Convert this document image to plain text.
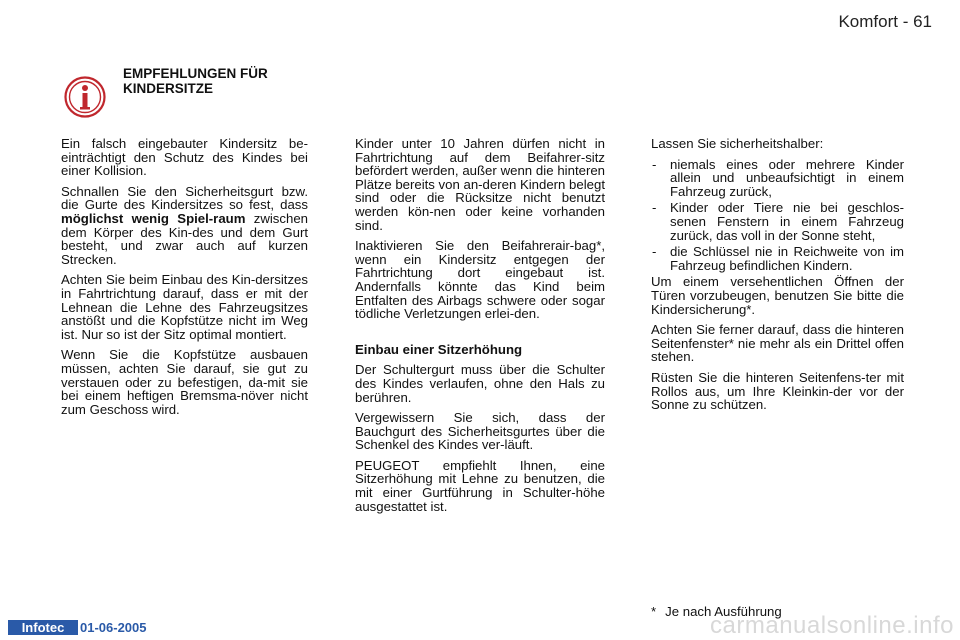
Komfort - 61
EMPFEHLUNGEN FÜR KINDERSITZE

Ein falsch eingebauter Kindersitz be-einträchtigt den Schutz des Kindes bei einer Kollision.

Schnallen Sie den Sicherheitsgurt bzw. die Gurte des Kindersitzes so fest, dass möglichst wenig Spiel-raum zwischen dem Körper des Kin-des und dem Gurt besteht, und zwar auch auf kurzen Strecken.

Achten Sie beim Einbau des Kin-dersitzes in Fahrtrichtung darauf, dass er mit der Lehnean die Lehne des Fahrzeugsitzes anstößt und die Kopfstütze nicht im Weg ist. Nur so ist der Sitz optimal montiert.

Wenn Sie die Kopfstütze ausbauen müssen, achten Sie darauf, sie gut zu verstauen oder zu befestigen, da-mit sie bei einem heftigen Bremsma-növer nicht zum Geschoss wird.

Kinder unter 10 Jahren dürfen nicht in Fahrtrichtung auf dem Beifahrer-sitz befördert werden, außer wenn die hinteren Plätze bereits von an-deren Kindern belegt sind oder die Rücksitze nicht benutzt werden kön-nen oder keine vorhanden sind.

Inaktivieren Sie den Beifahrerair-bag*, wenn ein Kindersitz entgegen der Fahrtrichtung dort eingebaut ist. Andernfalls könnte das Kind beim Entfalten des Airbags schwere oder sogar tödliche Verletzungen erlei-den.

Einbau einer Sitzerhöhung

Der Schultergurt muss über die Schulter des Kindes verlaufen, ohne den Hals zu berühren.

Vergewissern Sie sich, dass der Bauchgurt des Sicherheitsgurtes über die Schenkel des Kindes ver-läuft.

PEUGEOT empfiehlt Ihnen, eine Sitzerhöhung mit Lehne zu benutzen, die mit einer Gurtführung in Schulter-höhe ausgestattet ist.

Lassen Sie sicherheitshalber:

- niemals eines oder mehrere Kinder allein und unbeaufsichtigt in einem Fahrzeug zurück,
- Kinder oder Tiere nie bei geschlos-senen Fenstern in einem Fahrzeug zurück, das voll in der Sonne steht,
- die Schlüssel nie in Reichweite von im Fahrzeug befindlichen Kindern.

Um einem versehentlichen Öffnen der Türen vorzubeugen, benutzen Sie bitte die Kindersicherung*.

Achten Sie ferner darauf, dass die hinteren Seitenfenster* nie mehr als ein Drittel offen stehen.

Rüsten Sie die hinteren Seitenfens-ter mit Rollos aus, um Ihre Kleinkin-der vor der Sonne zu schützen.

* Je nach Ausführung
Infotec	01-06-2005	carmanualsonline.info
